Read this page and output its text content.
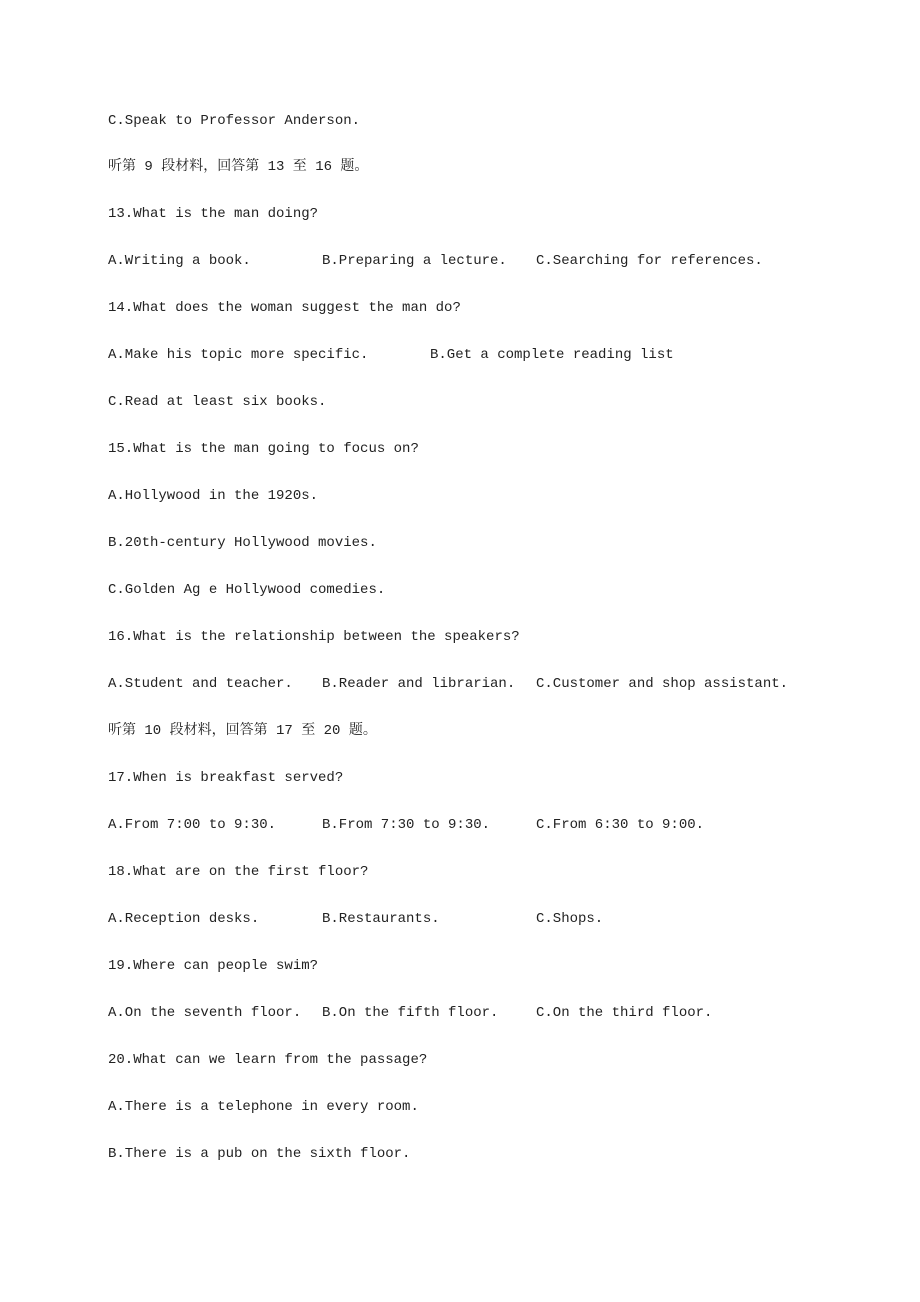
C.Speak to Professor Anderson.
听第 9 段材料，回答第 13 至 16 题。
13.What is the man doing?

A.Writing a book.

	B.Preparing a lecture.

C.Searching for references.

14.What does the woman suggest the man do?

A.Make his topic more specific.

	B.Get a complete reading list

C.Read at least six books.
15.What is the man going to focus on?
A.Hollywood in the 1920s.
B.20th-century Hollywood movies.
C.Golden Ag e Hollywood comedies.
16.What is the relationship between the speakers?

A.Student and teacher.

B.Reader and librarian.

C.Customer and shop assistant.

听第 10 段材料，回答第 17 至 20 题。
17.When is breakfast served?

A.From 7:00 to 9:30.

	B.From 7:30 to 9:30.

	C.From 6:30 to 9:00.

18.What are on the first floor?

A.Reception desks.

	B.Restaurants.

	C.Shops.

19.Where can people swim?

A.On the seventh floor.

B.On the fifth floor.

	C.On the third floor.

20.What can we learn from the passage?
A.There is a telephone in every room.
B.There is a pub on the sixth floor.
